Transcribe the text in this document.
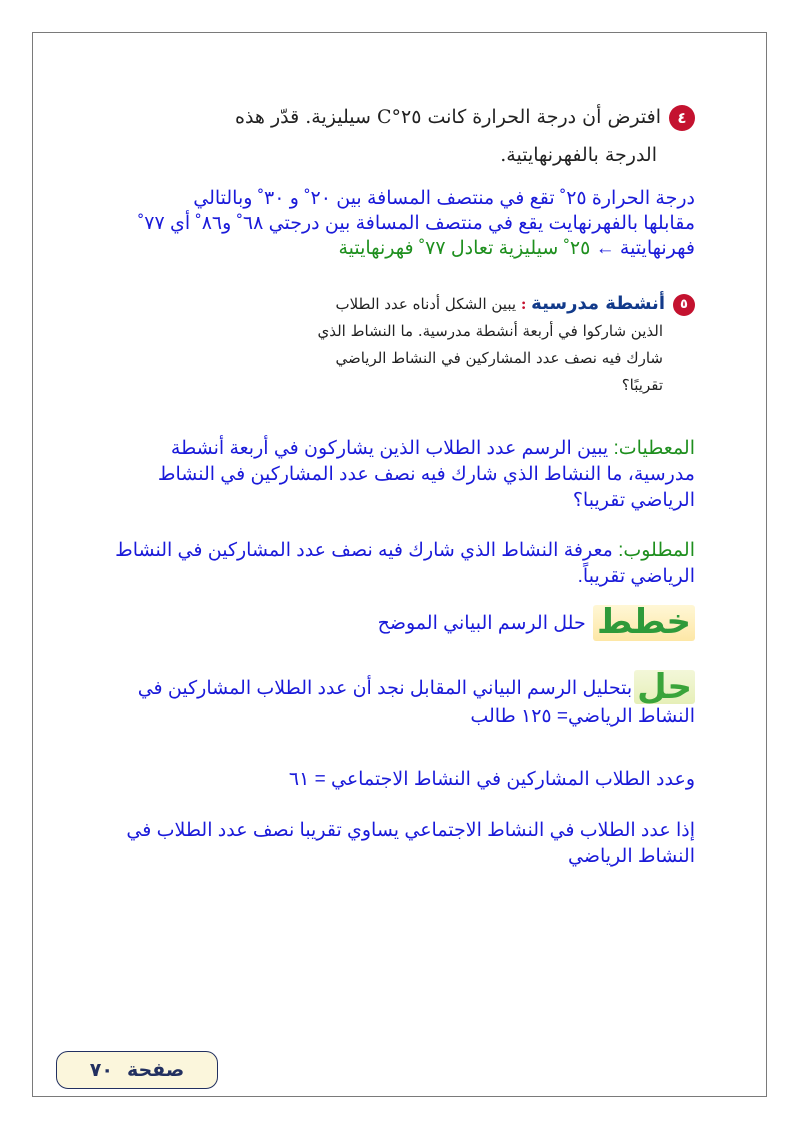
٤افترض أن درجة الحرارة كانت ٢٥°C سيليزية. قدّر هذه
الدرجة بالفهرنهايتية.
درجة الحرارة ٢٥˚ تقع في منتصف المسافة بين ٢٠˚ و ٣٠˚ وبالتالي
مقابلها بالفهرنهايت يقع في منتصف المسافة بين درجتي ٦٨˚ و٨٦˚ أي ٧٧˚
فهرنهايتية ← ٢٥˚ سيليزية تعادل ٧٧˚ فهرنهايتية
٥أنشطة مدرسية : يبين الشكل أدناه عدد الطلاب
الذين شاركوا في أربعة أنشطة مدرسية. ما النشاط الذي
شارك فيه نصف عدد المشاركين في النشاط الرياضي
تقريبًا؟
المعطيات: يبين الرسم عدد الطلاب الذين يشاركون في أربعة أنشطة مدرسية، ما النشاط الذي شارك فيه نصف عدد المشاركين في النشاط الرياضي تقريبا؟
المطلوب: معرفة النشاط الذي شارك فيه نصف عدد المشاركين في النشاط الرياضي تقريباً.
خطط حلل الرسم البياني الموضح
حلبتحليل الرسم البياني المقابل نجد أن عدد الطلاب المشاركين في النشاط الرياضي= ١٢٥ طالب
وعدد الطلاب المشاركين في النشاط الاجتماعي = ٦١
إذا عدد الطلاب في النشاط الاجتماعي يساوي تقريبا نصف عدد الطلاب في النشاط الرياضي
صفحة
٧٠
